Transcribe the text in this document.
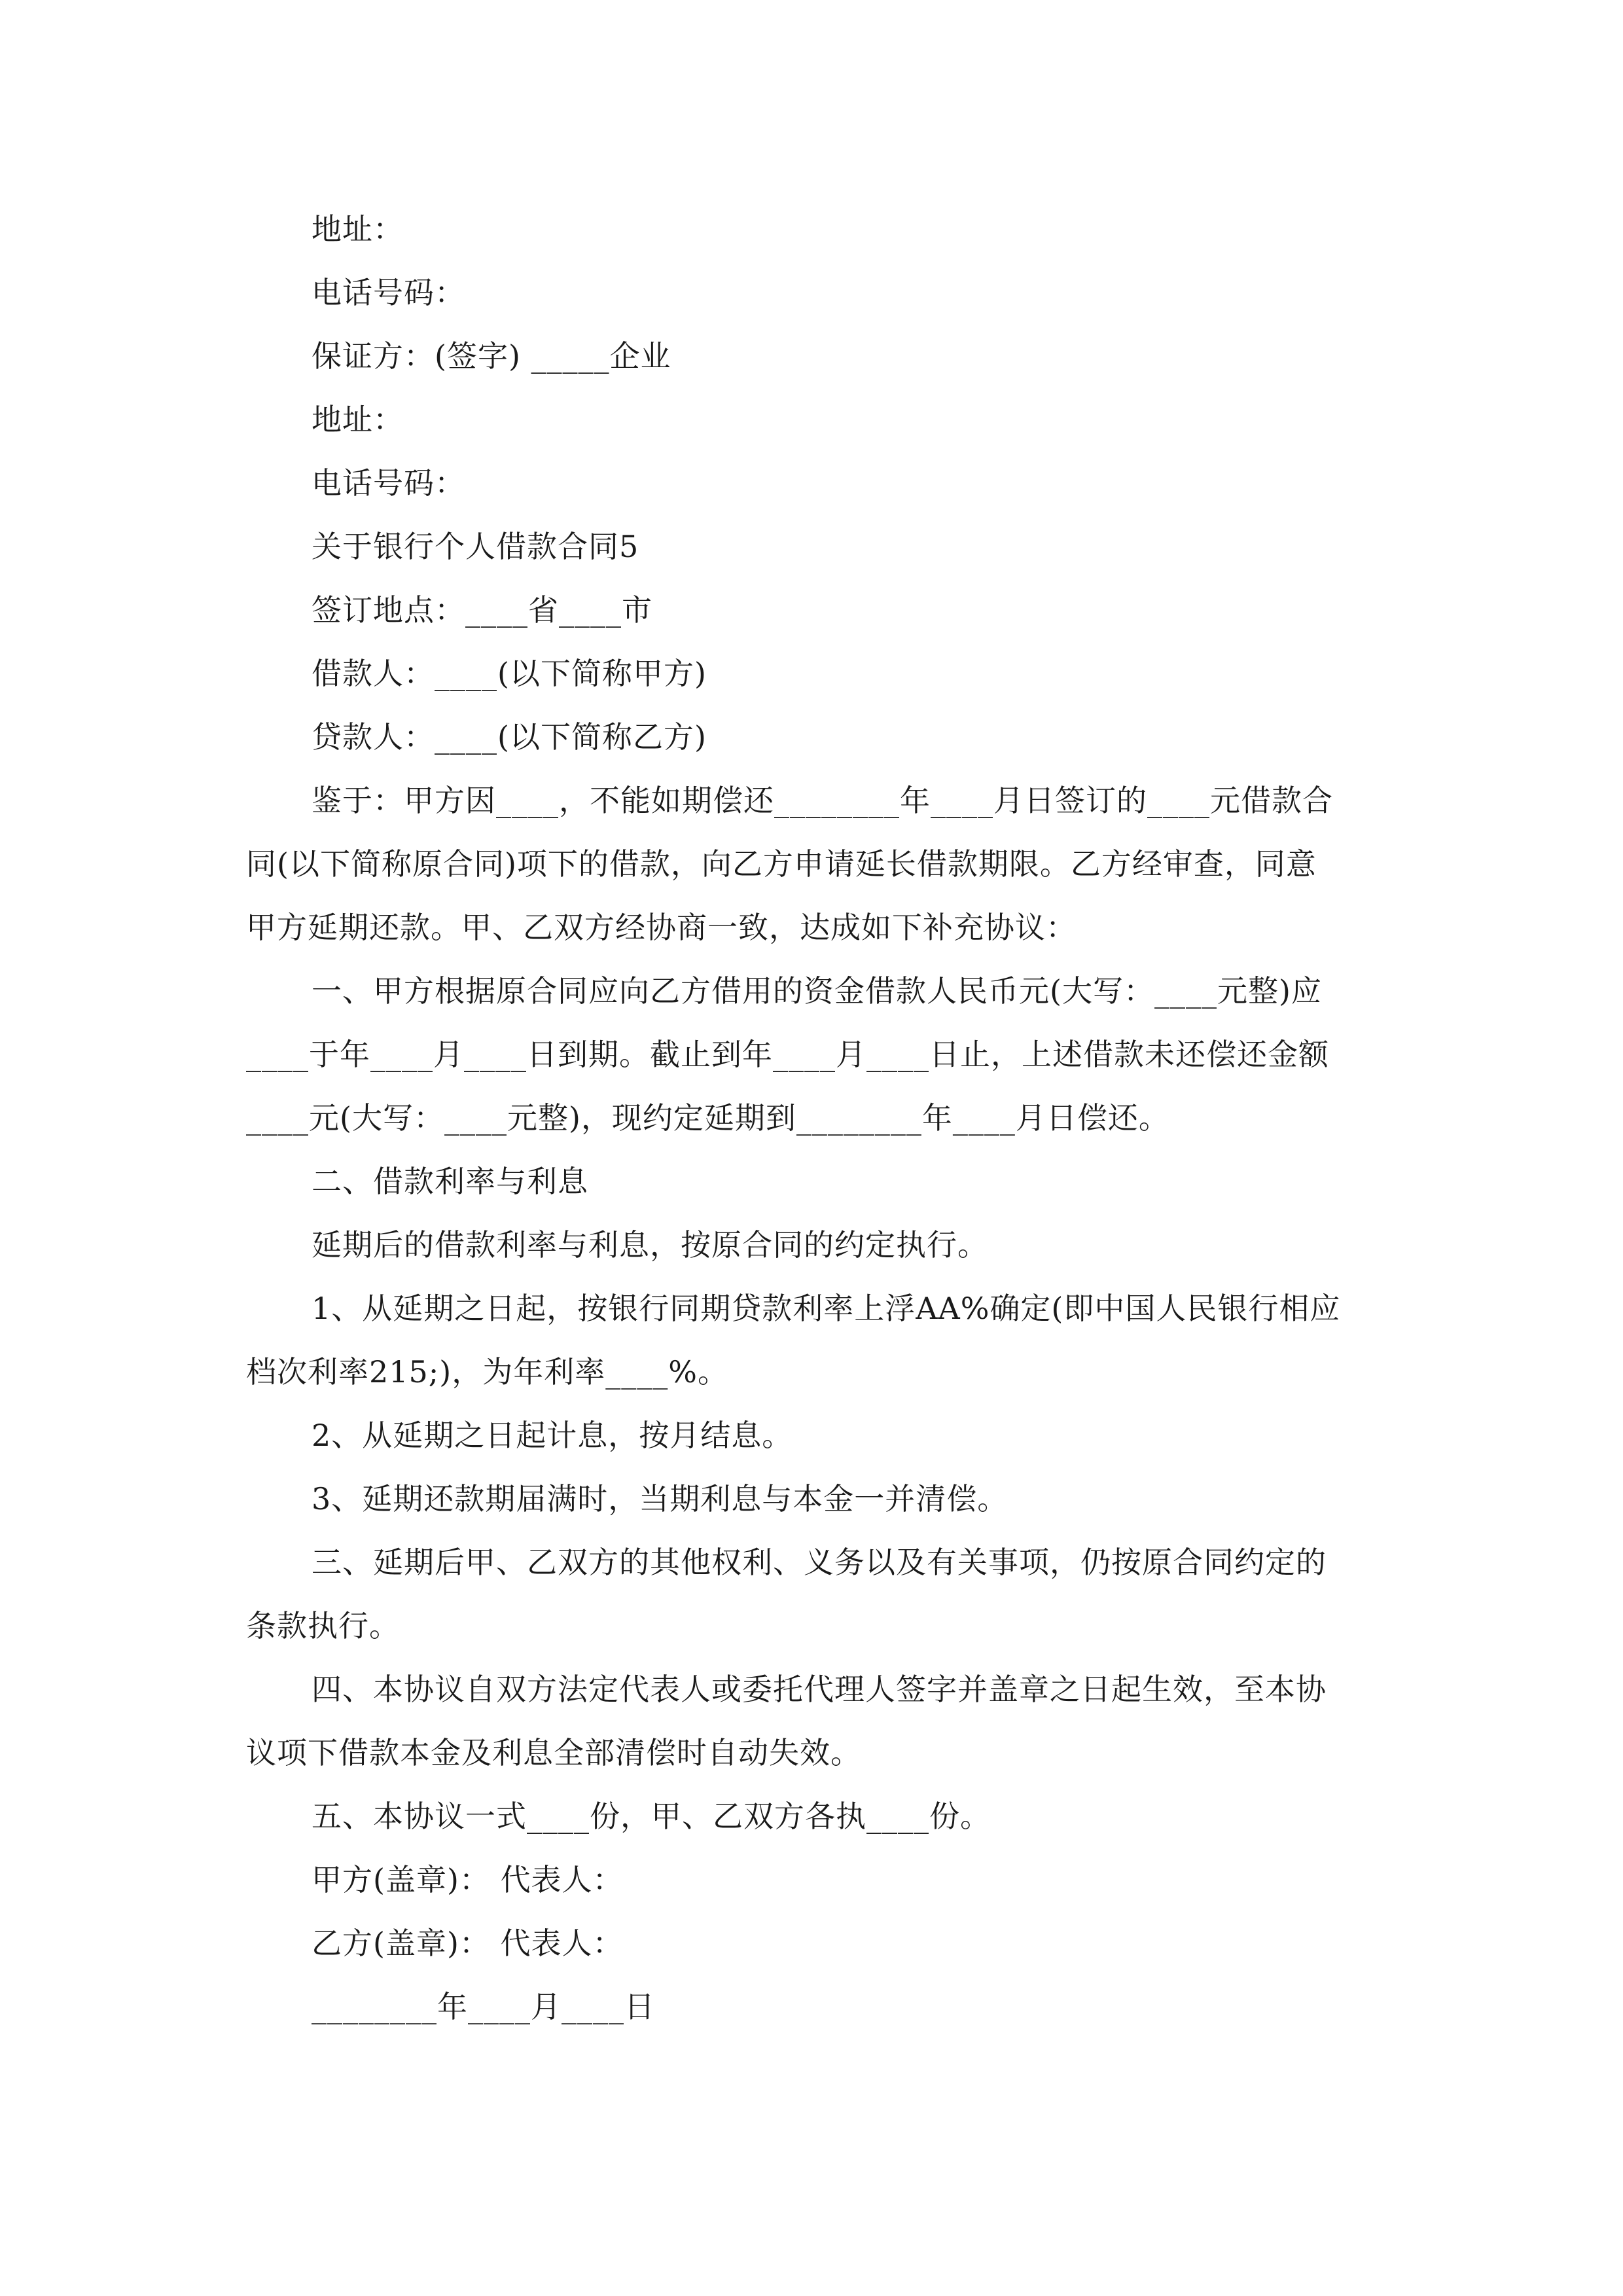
地址：

电话号码：

保证方：(签字) _____企业

地址：

电话号码：

关于银行个人借款合同5

签订地点：____省____市

借款人：____(以下简称甲方)

贷款人：____(以下简称乙方)

鉴于：甲方因____，不能如期偿还________年____月日签订的____元借款合

同(以下简称原合同)项下的借款，向乙方申请延长借款期限。乙方经审查，同意

甲方延期还款。甲、乙双方经协商一致，达成如下补充协议：

一、甲方根据原合同应向乙方借用的资金借款人民币元(大写：____元整)应

____于年____月____日到期。截止到年____月____日止，上述借款未还偿还金额

____元(大写：____元整)，现约定延期到________年____月日偿还。

二、借款利率与利息

延期后的借款利率与利息，按原合同的约定执行。

1、从延期之日起，按银行同期贷款利率上浮AA%确定(即中国人民银行相应

档次利率215;)，为年利率____%。

2、从延期之日起计息，按月结息。

3、延期还款期届满时，当期利息与本金一并清偿。

三、延期后甲、乙双方的其他权利、义务以及有关事项，仍按原合同约定的

条款执行。

四、本协议自双方法定代表人或委托代理人签字并盖章之日起生效，至本协

议项下借款本金及利息全部清偿时自动失效。

五、本协议一式____份，甲、乙双方各执____份。

甲方(盖章)： 代表人：

乙方(盖章)： 代表人：

________年____月____日
